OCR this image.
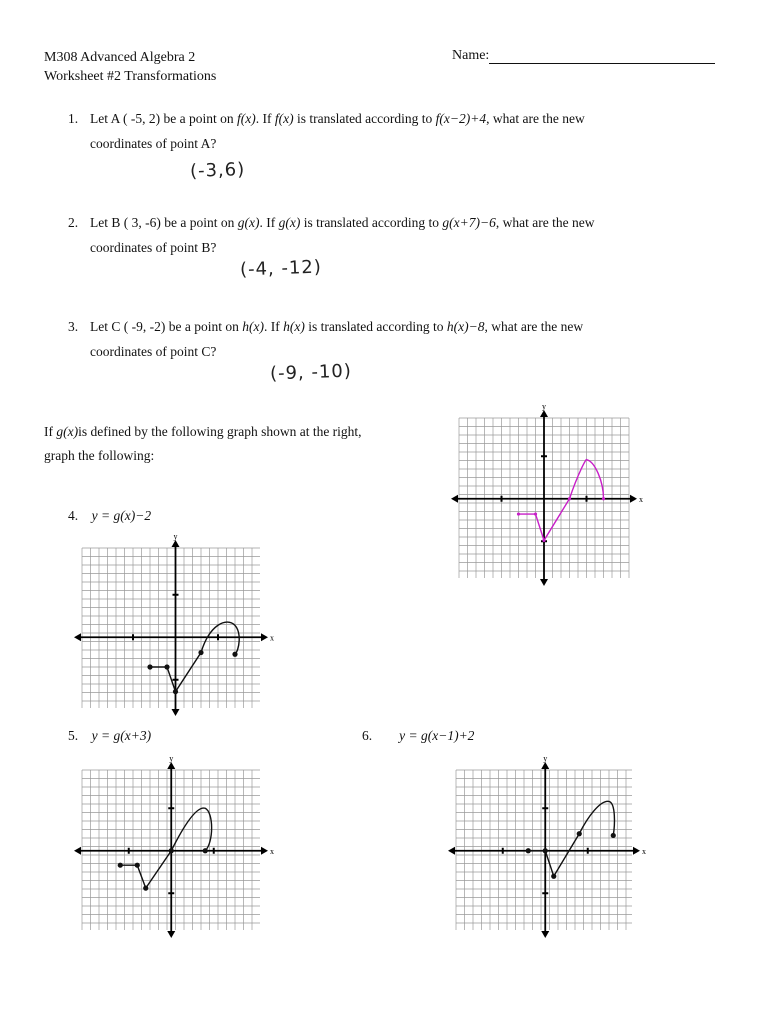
M308 Advanced Algebra 2
Worksheet #2 Transformations
Name:
1. Let A ( -5, 2) be a point on f(x). If f(x) is translated according to f(x−2)+4, what are the new
coordinates of point A?
(-3,6)
2. Let B ( 3, -6) be a point on g(x). If g(x) is translated according to g(x+7)−6, what are the new
coordinates of point B?
(-4, -12)
3. Let C ( -9, -2) be a point on h(x). If h(x) is translated according to h(x)−8, what are the new
coordinates of point C?
(-9, -10)
If g(x)is defined by the following graph shown at the right,
graph the following:
4. y = g(x)−2
5. y = g(x+3)	6. y = g(x−1)+2
x
y
x
y
x
y
x
y
